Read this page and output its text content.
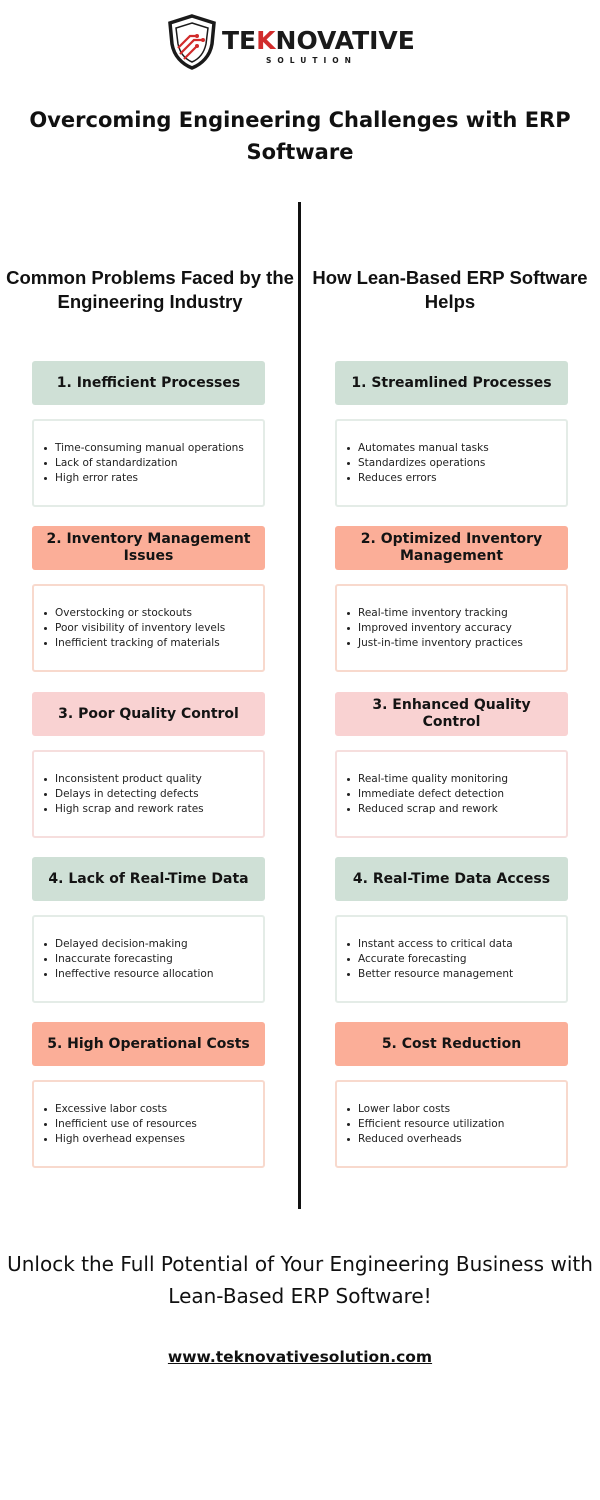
TEKNOVATIVE
SOLUTION
Overcoming Engineering Challenges with ERP Software
Common Problems Faced by the Engineering Industry
How Lean-Based ERP Software Helps
1. Inefficient Processes
Time-consuming manual operations
Lack of standardization
High error rates
1. Streamlined Processes
Automates manual tasks
Standardizes operations
Reduces errors
2. Inventory Management Issues
Overstocking or stockouts
Poor visibility of inventory levels
Inefficient tracking of materials
2. Optimized Inventory Management
Real-time inventory tracking
Improved inventory accuracy
Just-in-time inventory practices
3. Poor Quality Control
Inconsistent product quality
Delays in detecting defects
High scrap and rework rates
3. Enhanced Quality Control
Real-time quality monitoring
Immediate defect detection
Reduced scrap and rework
4. Lack of Real-Time Data
Delayed decision-making
Inaccurate forecasting
Ineffective resource allocation
4. Real-Time Data Access
Instant access to critical data
Accurate forecasting
Better resource management
5. High Operational Costs
Excessive labor costs
Inefficient use of resources
High overhead expenses
5. Cost Reduction
Lower labor costs
Efficient resource utilization
Reduced overheads
Unlock the Full Potential of Your Engineering Business with Lean-Based ERP Software!
www.teknovativesolution.com
